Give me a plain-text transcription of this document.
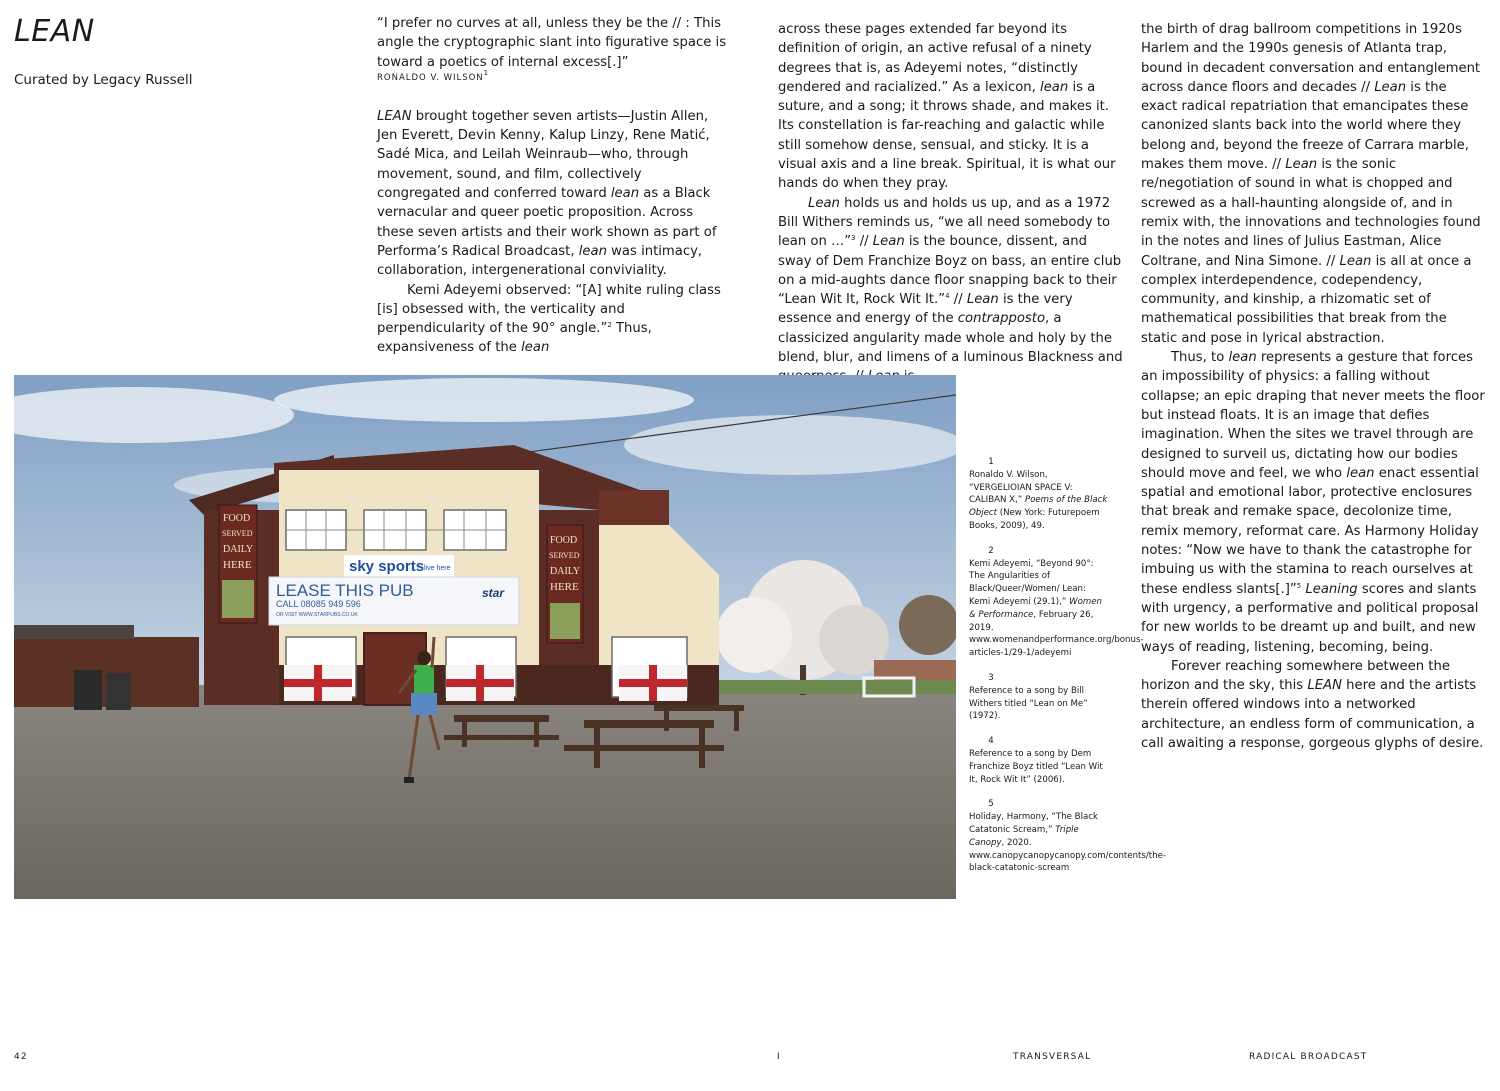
LEAN
Curated by Legacy Russell

“I prefer no curves at all, unless they be the // : This angle the cryptographic slant into figurative space is toward a poetics of internal excess[.]”

RONALDO V. WILSON$^1$

LEAN brought together seven artists—Justin Allen, Jen Everett, Devin Kenny, Kalup Linzy, Rene Matić, Sadé Mica, and Leilah Weinraub—who, through movement, sound, and film, collectively congregated and conferred toward lean as a Black vernacular and queer poetic proposition. Across these seven artists and their work shown as part of Performa’s Radical Broadcast, lean was intimacy, collaboration, intergenerational conviviality.

Kemi Adeyemi observed: “[A] white ruling class [is] obsessed with, the verticality and perpendicularity of the 90° angle.”$^2$ Thus, expansiveness of the lean

across these pages extended far beyond its definition of origin, an active refusal of a ninety degrees that is, as Adeyemi notes, “distinctly gendered and racialized.” As a lexicon, lean is a suture, and a song; it throws shade, and makes it. Its constellation is far-reaching and galactic while still somehow dense, sensual, and sticky. It is a visual axis and a line break. Spiritual, it is what our hands do when they pray.

Lean holds us and holds us up, and as a 1972 Bill Withers reminds us, “we all need somebody to lean on …”$^3$ // Lean is the bounce, dissent, and sway of Dem Franchize Boyz on bass, an entire club on a mid-aughts dance floor snapping back to their “Lean Wit It, Rock Wit It.”$^4$ // Lean is the very essence and energy of the contrapposto, a classicized angularity made whole and holy by the blend, blur, and limens of a luminous Blackness and

the birth of drag ballroom competitions in 1920s Harlem and the 1990s genesis of Atlanta trap, bound in decadent conversation and entanglement across dance floors and decades // Lean is the exact radical repatriation that emancipates these canonized slants back into the world where they belong and, beyond the freeze of Carrara marble, makes them move. // Lean is the sonic re/negotiation of sound in what is chopped and screwed as a hall-haunting alongside of, and in remix with, the innovations and technologies found in the notes and lines of Julius Eastman, Alice Coltrane, and Nina Simone. // Lean is all at once a complex interdependence, codependency, community, and kinship, a rhizomatic set of mathematical possibilities that break from the static and pose in lyrical abstraction.

Thus, to lean represents a gesture that forces an impossibility of physics: a falling without collapse; an epic draping that never meets the floor but instead floats. It is an image that defies imagination. When the sites we travel through are designed to surveil us, dictating how our bodies should move and feel, we who lean enact essential spatial and emotional labor, protective enclosures that break and remake space, decolonize time, remix memory, reformat care. As Harmony Holiday notes: “Now we have to thank the catastrophe for imbuing us with the stamina to reach ourselves at these endless slants[.]”$^5$ Leaning scores and slants with urgency, a performative and political proposal for new worlds to be dreamt up and built, and new ways of reading, listening, becoming, being.

Forever reaching somewhere between the horizon and the sky, this LEAN here and the artists therein offered windows into a networked architecture, an endless form of communication, a call awaiting a response, gorgeous glyphs of desire.

sky sports live here
LEASE THIS PUB
CALL 08085 949 596
OR VISIT WWW.STARPUBS.CO.UK
star
FOOD
SERVED
DAILY
HERE
FOOD
SERVED
DAILY
HERE
1
Ronaldo V. Wilson, “VERGELIOIAN SPACE V: CALIBAN X,” Poems of the Black Object (New York: Futurepoem Books, 2009), 49.
2
Kemi Adeyemi, “Beyond 90°: The Angularities of Black/Queer/Women/ Lean: Kemi Adeyemi (29.1),” Women & Performance, February 26, 2019. www.womenandperformance.org/bonus-articles-1/29-1/adeyemi
3
Reference to a song by Bill Withers titled “Lean on Me” (1972).
4
Reference to a song by Dem Franchize Boyz titled “Lean Wit It, Rock Wit It” (2006).
5
Holiday, Harmony, “The Black Catatonic Scream,” Triple Canopy, 2020. www.canopycanopycanopy.com/contents/the-black-catatonic-scream
42	I	TRANSVERSAL	RADICAL BROADCAST
